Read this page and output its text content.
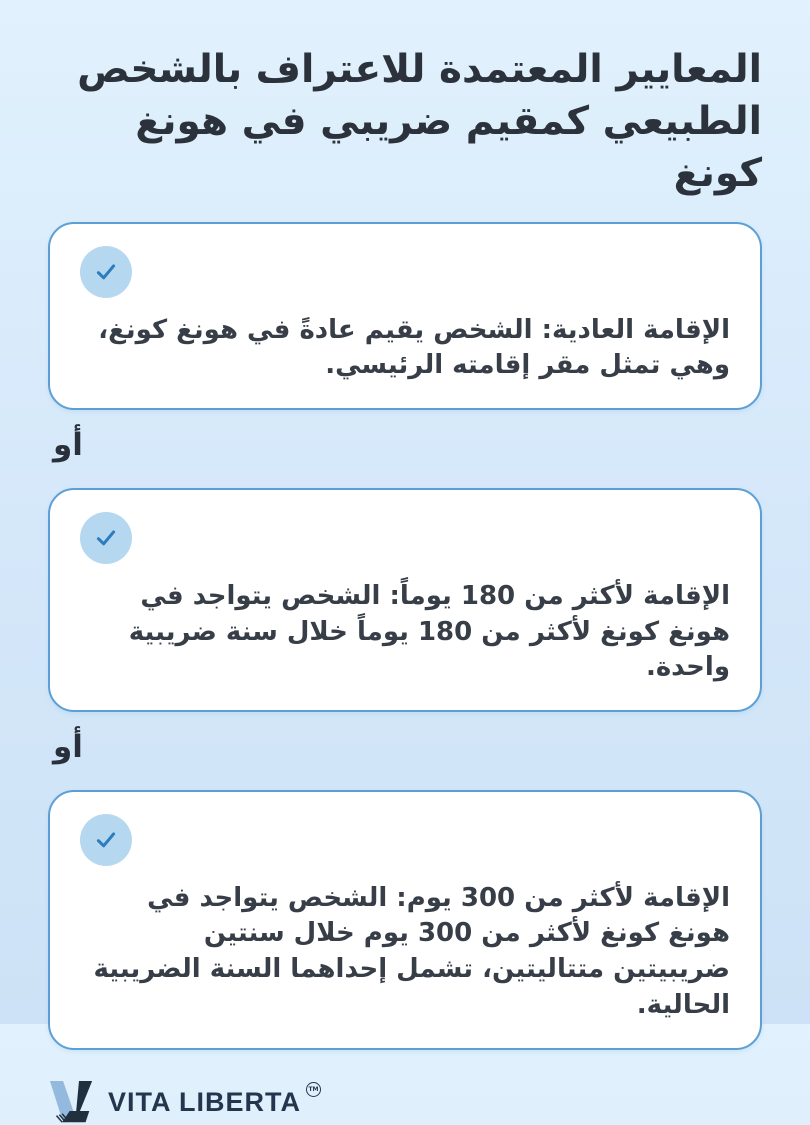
المعايير المعتمدة للاعتراف بالشخص الطبيعي كمقيم ضريبي في هونغ كونغ

الإقامة العادية: الشخص يقيم عادةً في هونغ كونغ، وهي تمثل مقر إقامته الرئيسي.

أو

الإقامة لأكثر من 180 يوماً: الشخص يتواجد في هونغ كونغ لأكثر من 180 يوماً خلال سنة ضريبية واحدة.

أو

الإقامة لأكثر من 300 يوم: الشخص يتواجد في هونغ كونغ لأكثر من 300 يوم خلال سنتين ضريبيتين متتاليتين، تشمل إحداهما السنة الضريبية الحالية.

VITA LIBERTA	TM
